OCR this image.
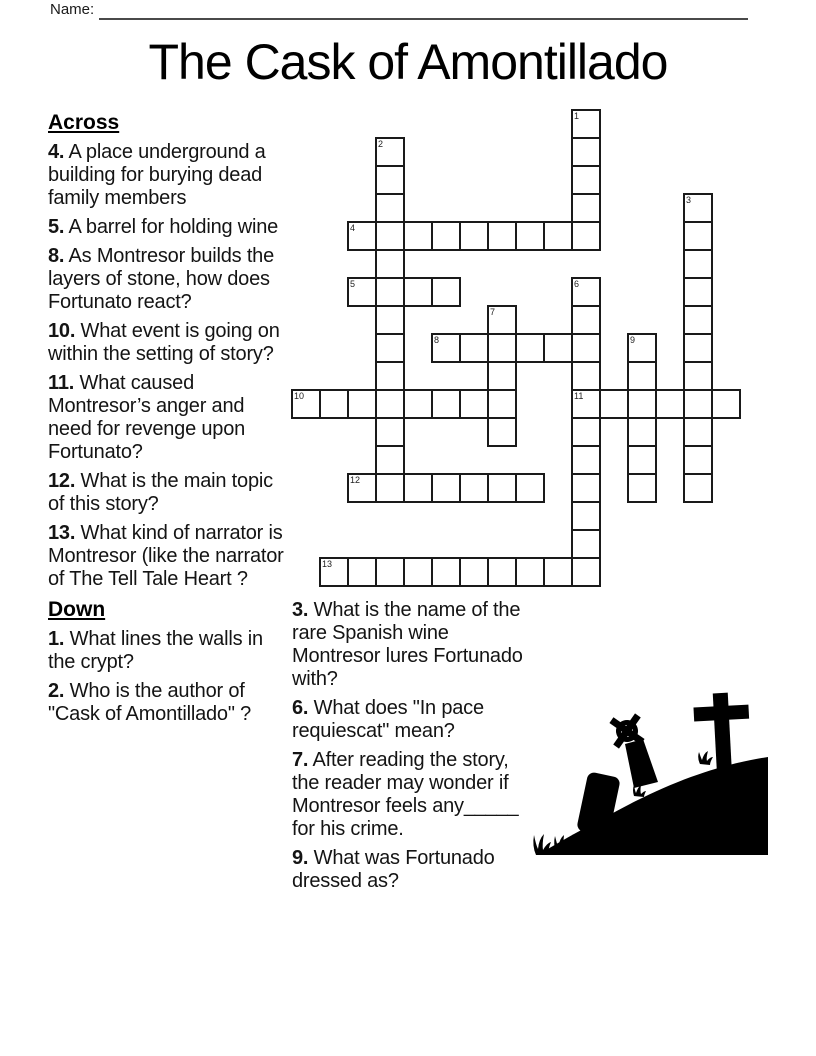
Name:
The Cask of Amontillado
1
2
3
4
5	6
7
8	9
10	11
12
13

Across

4. A place underground a building for burying dead family members

5. A barrel for holding wine

8. As Montresor builds the layers of stone, how does Fortunato react?

10. What event is going on within the setting of story?

11. What caused Montresor’s anger and need for revenge upon Fortunato?

12. What is the main topic of this story?

13. What kind of narrator is Montresor (like the narrator of The Tell Tale Heart ?

Down

1. What lines the walls in the crypt?

2. Who is the author of "Cask of Amontillado" ?

3. What is the name of the rare Spanish wine Montresor lures Fortunado with?

6. What does "In pace requiescat" mean?

7. After reading the story, the reader may wonder if Montresor feels any_____ for his crime.

9. What was Fortunado dressed as?
